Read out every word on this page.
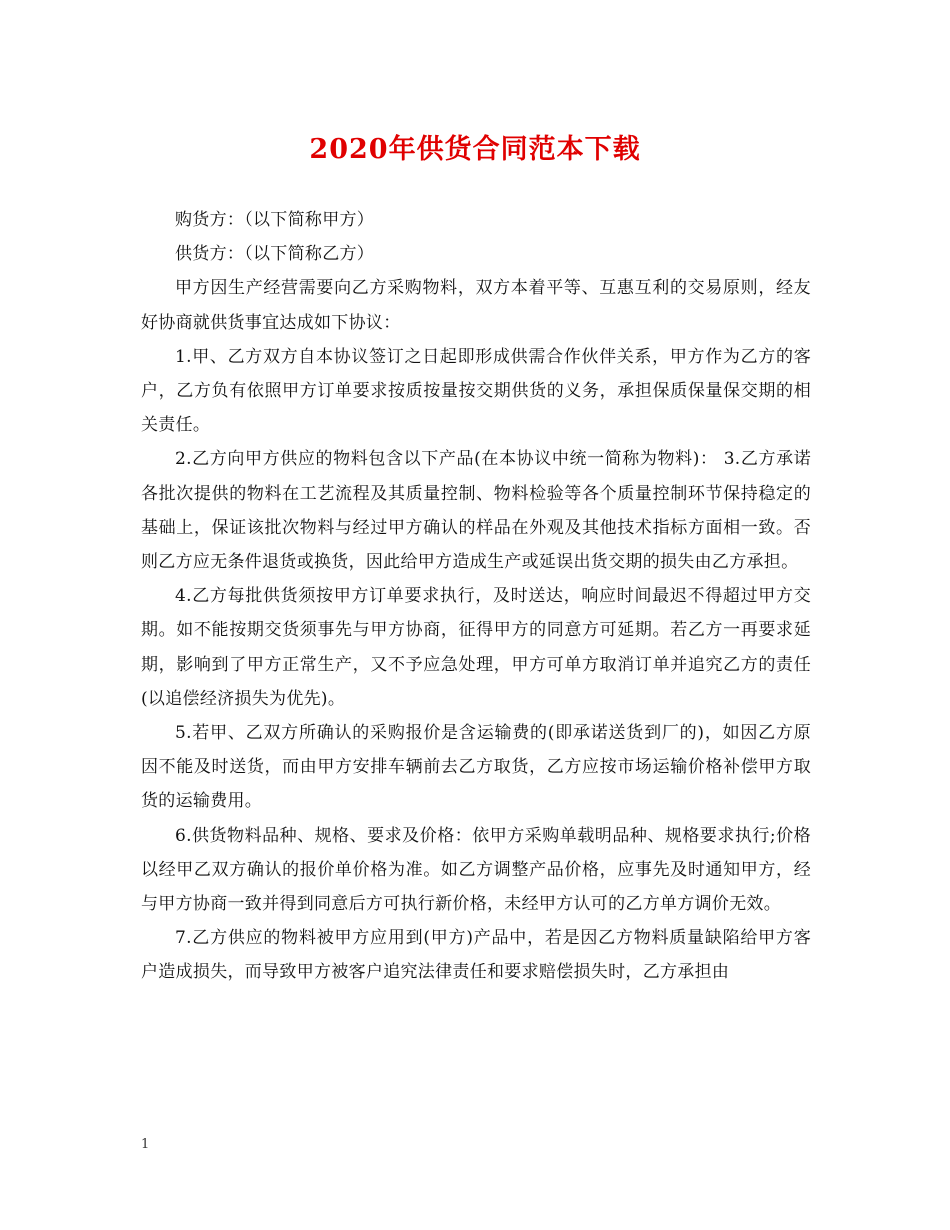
2020年供货合同范本下载

购货方：（以下简称甲方）

供货方：（以下简称乙方）

甲方因生产经营需要向乙方采购物料，双方本着平等、互惠互利的交易原则，经友好协商就供货事宜达成如下协议：

1.甲、乙方双方自本协议签订之日起即形成供需合作伙伴关系，甲方作为乙方的客户，乙方负有依照甲方订单要求按质按量按交期供货的义务，承担保质保量保交期的相关责任。

2.乙方向甲方供应的物料包含以下产品(在本协议中统一简称为物料)： 3.乙方承诺各批次提供的物料在工艺流程及其质量控制、物料检验等各个质量控制环节保持稳定的基础上，保证该批次物料与经过甲方确认的样品在外观及其他技术指标方面相一致。否则乙方应无条件退货或换货，因此给甲方造成生产或延误出货交期的损失由乙方承担。

4.乙方每批供货须按甲方订单要求执行，及时送达，响应时间最迟不得超过甲方交期。如不能按期交货须事先与甲方协商，征得甲方的同意方可延期。若乙方一再要求延期，影响到了甲方正常生产，又不予应急处理，甲方可单方取消订单并追究乙方的责任(以追偿经济损失为优先)。

5.若甲、乙双方所确认的采购报价是含运输费的(即承诺送货到厂的)，如因乙方原因不能及时送货，而由甲方安排车辆前去乙方取货，乙方应按市场运输价格补偿甲方取货的运输费用。

6.供货物料品种、规格、要求及价格：依甲方采购单载明品种、规格要求执行;价格以经甲乙双方确认的报价单价格为准。如乙方调整产品价格，应事先及时通知甲方，经与甲方协商一致并得到同意后方可执行新价格，未经甲方认可的乙方单方调价无效。

7.乙方供应的物料被甲方应用到(甲方)产品中，若是因乙方物料质量缺陷给甲方客户造成损失，而导致甲方被客户追究法律责任和要求赔偿损失时，乙方承担由

1
